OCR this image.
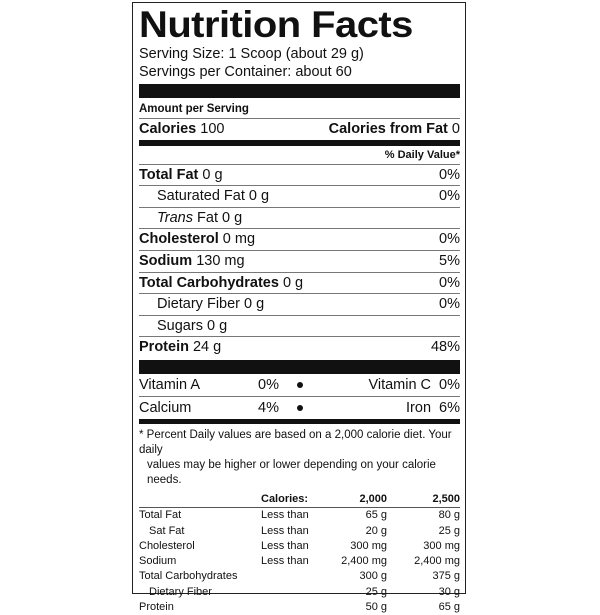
Nutrition Facts
Serving Size: 1 Scoop (about 29 g)
Servings per Container: about 60
Amount per Serving
Calories 100	Calories from Fat 0
% Daily Value*
Total Fat 0 g	0%
Saturated Fat 0 g	0%
Trans Fat 0 g
Cholesterol 0 mg	0%
Sodium 130 mg	5%
Total Carbohydrates 0 g	0%
Dietary Fiber 0 g	0%
Sugars 0 g
Protein 24 g	48%
Vitamin A	0%	Vitamin C 0%
Calcium	4%	Iron 6%
* Percent Daily values are based on a 2,000 calorie diet. Your daily
values may be higher or lower depending on your calorie needs.
	Calories:	2,000	2,500
Total Fat	Less than	65 g	80 g
Sat Fat	Less than	20 g	25 g
Cholesterol	Less than	300 mg	300 mg
Sodium	Less than	2,400 mg	2,400 mg
Total Carbohydrates		300 g	375 g
Dietary Fiber		25 g	30 g
Protein		50 g	65 g
